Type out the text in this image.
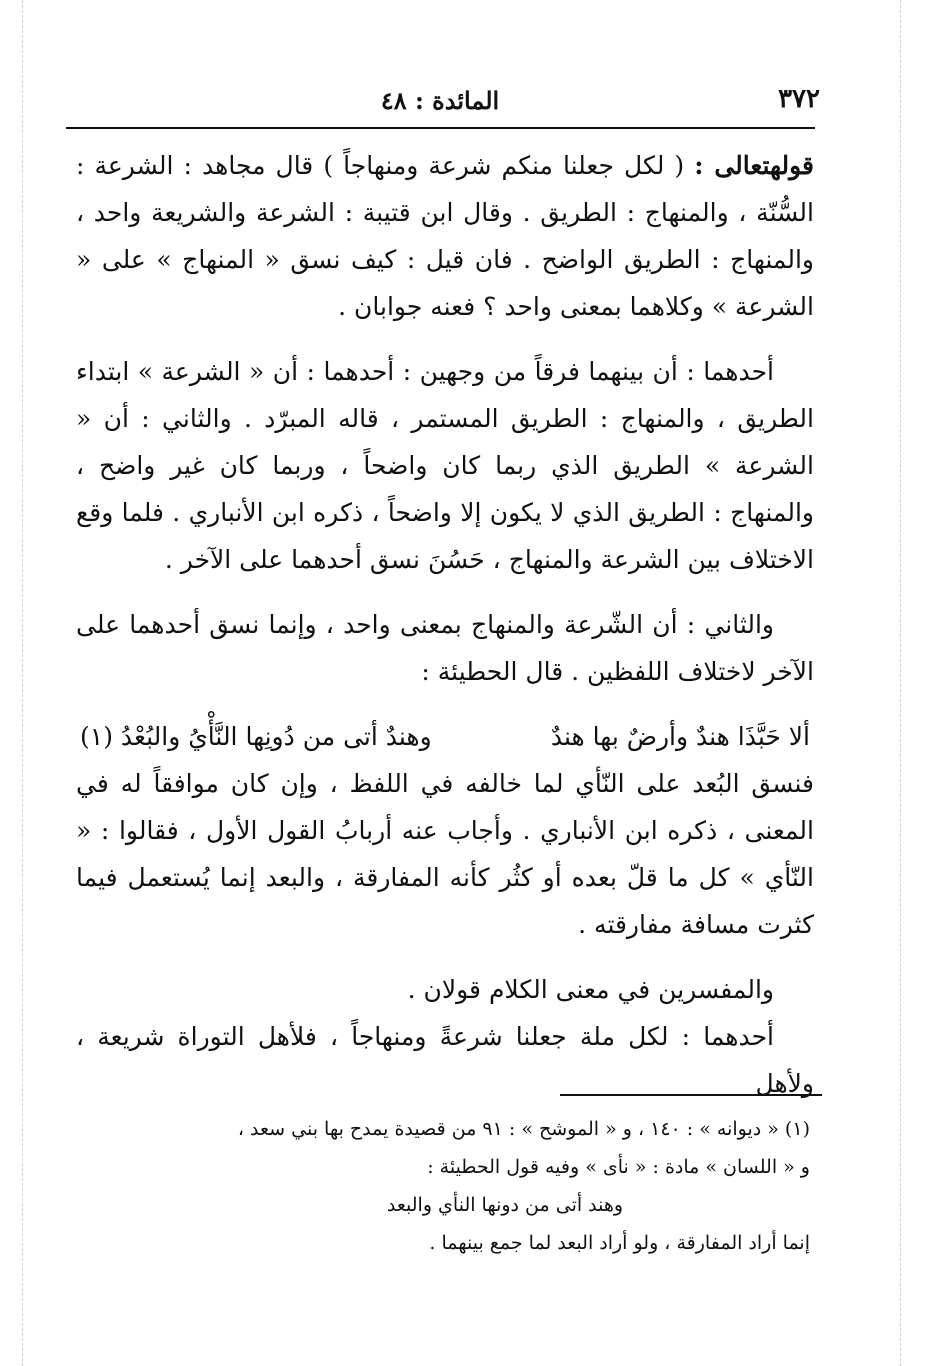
٣٧٢
المائدة : ٤٨

قولهتعالى : ( لكل جعلنا منكم شرعة ومنهاجاً ) قال مجاهد : الشرعة : السُّنّة ، والمنهاج : الطريق . وقال ابن قتيبة : الشرعة والشريعة واحد ، والمنهاج : الطريق الواضح . فان قيل : كيف نسق « المنهاج » على « الشرعة » وكلاهما بمعنى واحد ؟ فعنه جوابان .

أحدهما : أن بينهما فرقاً من وجهين : أحدهما : أن « الشرعة » ابتداء الطريق ، والمنهاج : الطريق المستمر ، قاله المبرّد . والثاني : أن « الشرعة » الطريق الذي ربما كان واضحاً ، وربما كان غير واضح ، والمنهاج : الطريق الذي لا يكون إلا واضحاً ، ذكره ابن الأنباري . فلما وقع الاختلاف بين الشرعة والمنهاج ، حَسُنَ نسق أحدهما على الآخر .

والثاني : أن الشّرعة والمنهاج بمعنى واحد ، وإنما نسق أحدهما على الآخر لاختلاف اللفظين . قال الحطيئة :

ألا حَبَّذَا هندٌ وأرضٌ بها هندٌ
وهندٌ أتى من دُونِها النَّأْيُ والبُعْدُ (١)

فنسق البُعد على النّأي لما خالفه في اللفظ ، وإن كان موافقاً له في المعنى ، ذكره ابن الأنباري . وأجاب عنه أربابُ القول الأول ، فقالوا : « النّأي » كل ما قلّ بعده أو كثُر كأنه المفارقة ، والبعد إنما يُستعمل فيما كثرت مسافة مفارقته .

والمفسرين في معنى الكلام قولان .

أحدهما : لكل ملة جعلنا شرعةً ومنهاجاً ، فلأهل التوراة شريعة ، ولأهل

(١) « ديوانه » : ١٤٠ ، و « الموشح » : ٩١ من قصيدة يمدح بها بني سعد ،

و « اللسان » مادة : « نأى » وفيه قول الحطيئة :

وهند أتى من دونها النأي والبعد

إنما أراد المفارقة ، ولو أراد البعد لما جمع بينهما .
